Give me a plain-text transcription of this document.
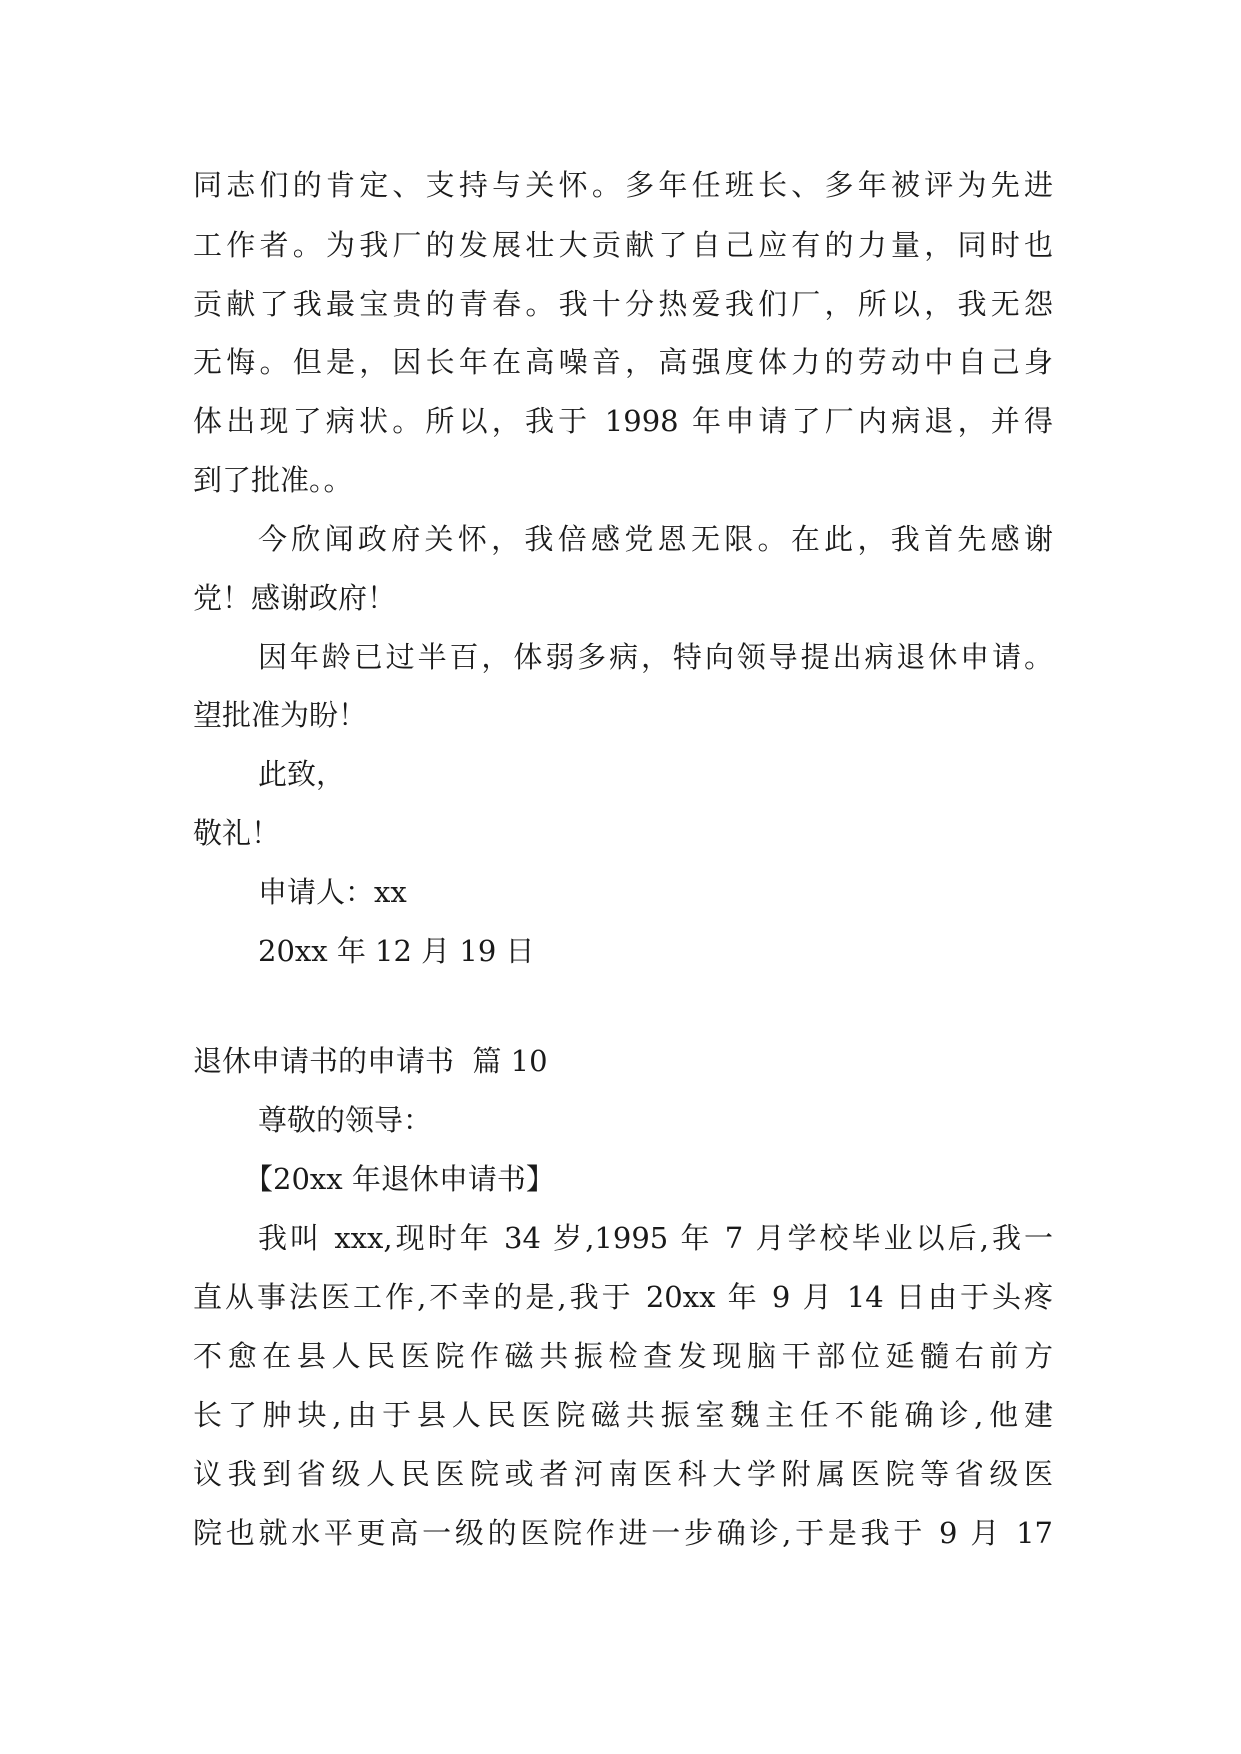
同志们的肯定、支持与关怀。多年任班长、多年被评为先进
工作者。为我厂的发展壮大贡献了自己应有的力量，同时也
贡献了我最宝贵的青春。我十分热爱我们厂，所以，我无怨
无悔。但是，因长年在高噪音，高强度体力的劳动中自己身
体出现了病状。所以，我于 1998 年申请了厂内病退，并得
到了批准。。
今欣闻政府关怀，我倍感党恩无限。在此，我首先感谢
党！感谢政府！
因年龄已过半百，体弱多病，特向领导提出病退休申请。
望批准为盼！
此致，
敬礼！
申请人：xx
20xx 年 12 月 19 日
退休申请书的申请书  篇 10
尊敬的领导：
【20xx 年退休申请书】
我叫 xxx,现时年 34 岁,1995 年 7 月学校毕业以后,我一
直从事法医工作,不幸的是,我于 20xx 年 9 月 14 日由于头疼
不愈在县人民医院作磁共振检查发现脑干部位延髓右前方
长了肿块,由于县人民医院磁共振室魏主任不能确诊,他建
议我到省级人民医院或者河南医科大学附属医院等省级医
院也就水平更高一级的医院作进一步确诊,于是我于 9 月 17
